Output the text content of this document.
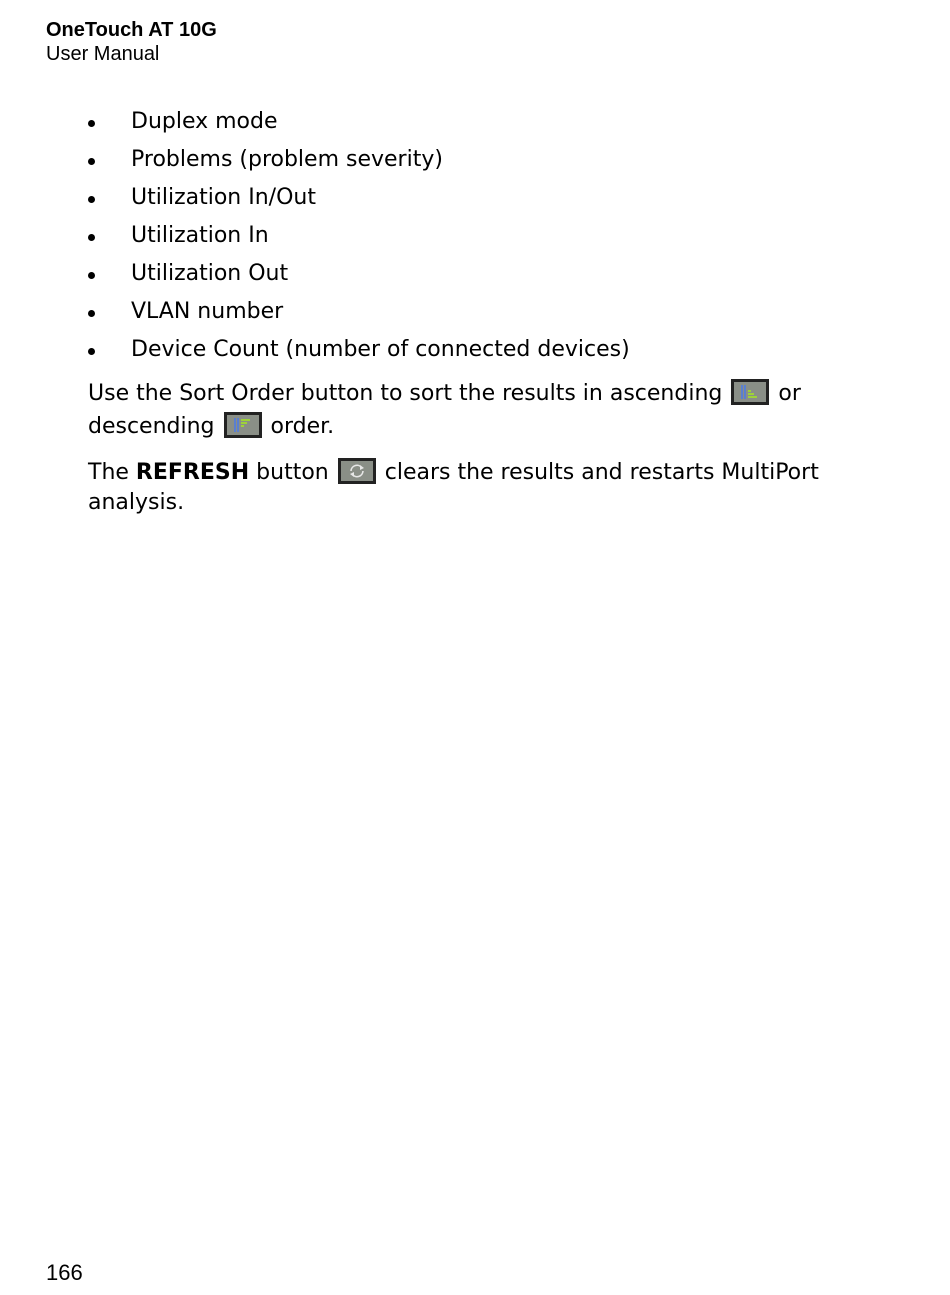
OneTouch AT 10G
User Manual
Duplex mode
Problems (problem severity)
Utilization In/Out
Utilization In
Utilization Out
VLAN number
Device Count (number of connected devices)

Use the Sort Order button to sort the results in ascending	or descending	order.

The REFRESH button	clears the results and restarts MultiPort analysis.

166
